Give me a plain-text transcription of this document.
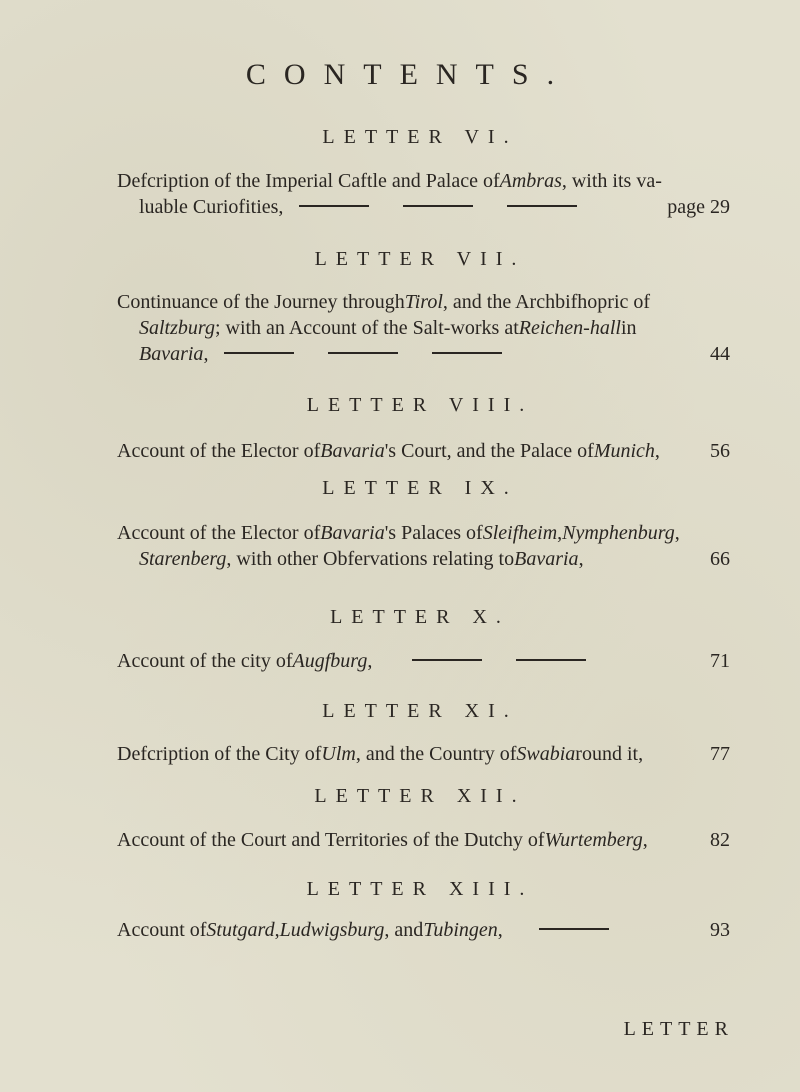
CONTENTS.
LETTER VI.
Defcription of the Imperial Caftle and Palace of Ambras , with its va-
luable Curiofities,	page 29
LETTER VII.
Continuance of the Journey through Tirol , and the Archbifhopric of
Saltzburg ; with an Account of the Salt-works at Reichen-hall in
Bavaria ,	44
LETTER VIII.
Account of the Elector of Bavaria 's Court, and the Palace of Munich ,	56
LETTER IX.
Account of the Elector of Bavaria 's Palaces of Sleifheim , Nymphenburg ,
Starenberg , with other Obfervations relating to Bavaria ,	66
LETTER X.
Account of the city of Augfburg ,	71
LETTER XI.
Defcription of the City of Ulm , and the Country of Swabia round it,	77
LETTER XII.
Account of the Court and Territories of the Dutchy of Wurtemberg ,	82
LETTER XIII.
Account of Stutgard , Ludwigsburg , and Tubingen ,	93
LETTER
